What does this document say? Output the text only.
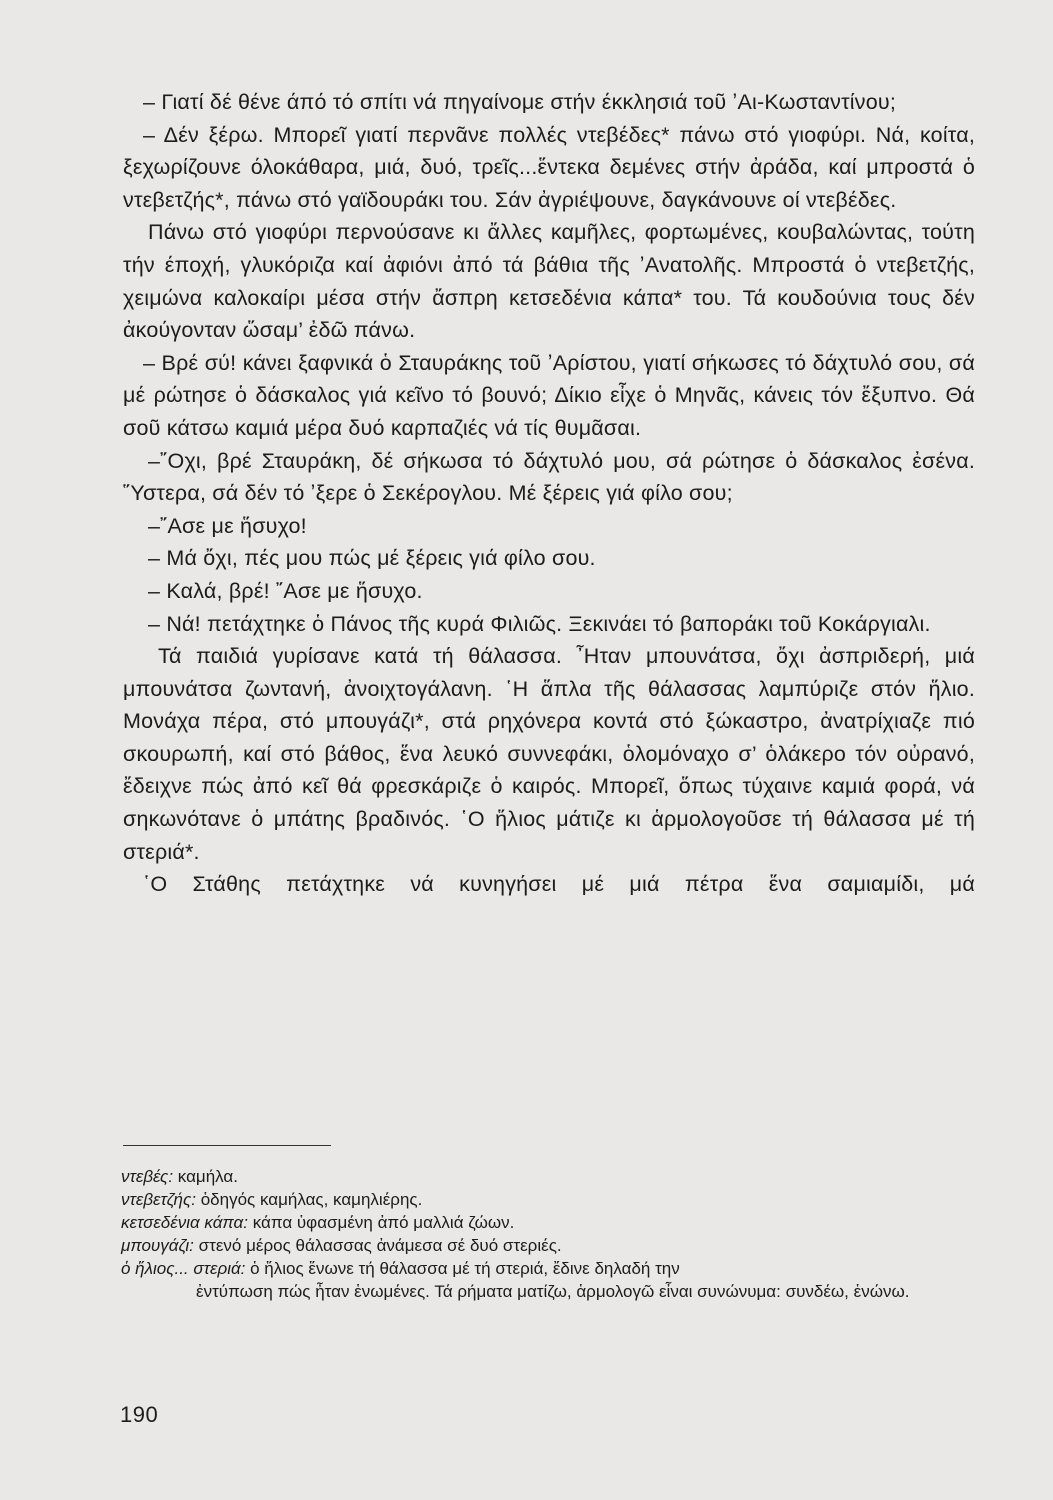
– Γιατί δέ θένε άπό τό σπίτι νά πηγαίνομε στήν έκκλησιά τοῦ ʼΑι-Κωσταντίνου;

– Δέν ξέρω. Μπορεῖ γιατί περνᾶνε πολλές ντεβέδες* πάνω στό γιοφύρι. Νά, κοίτα, ξεχωρίζουνε όλοκάθαρα, μιά, δυό, τρεῖς...ἕντεκα δεμένες στήν ἀράδα, καί μπροστά ὁ ντεβετζής*, πάνω στό γαϊδουράκι του. Σάν ἀγριέψουνε, δαγκάνουνε οί ντεβέδες.

Πάνω στό γιοφύρι περνούσανε κι ἄλλες καμῆλες, φορτωμένες, κουβαλώντας, τούτη τήν έποχή, γλυκόριζα καί ἀφιόνι ἀπό τά βάθια τῆς ʼΑνατολῆς. Μπροστά ὁ ντεβετζής, χειμώνα καλοκαίρι μέσα στήν ἄσπρη κετσεδένια κάπα* του. Τά κουδούνια τους δέν ἀκούγονταν ὥσαμ’ ἐδῶ πάνω.

– Βρέ σύ! κάνει ξαφνικά ὁ Σταυράκης τοῦ ʼΑρίστου, γιατί σήκωσες τό δάχτυλό σου, σά μέ ρώτησε ὁ δάσκαλος γιά κεῖνο τό βουνό; Δίκιο εἶχε ὁ Μηνᾶς, κάνεις τόν ἔξυπνο. Θά σοῦ κάτσω καμιά μέρα δυό καρπαζιές νά τίς θυμᾶσαι.

–῎Οχι, βρέ Σταυράκη, δέ σήκωσα τό δάχτυλό μου, σά ρώτησε ὁ δάσκαλος ἐσένα. ῞Υστερα, σά δέν τό ʼξερε ὁ Σεκέρογλου. Μέ ξέρεις γιά φίλο σου;

–῎Ασε με ἥσυχο!

– Μά ὄχι, πές μου πώς μέ ξέρεις γιά φίλο σου.

– Καλά, βρέ! ῎Ασε με ἥσυχο.

– Νά! πετάχτηκε ὁ Πάνος τῆς κυρά Φιλιῶς. Ξεκινάει τό βαποράκι τοῦ Κοκάργιαλι.

Τά παιδιά γυρίσανε κατά τή θάλασσα. ῏Ηταν μπουνάτσα, ὄχι ἀσπριδερή, μιά μπουνάτσα ζωντανή, ἀνοιχτογάλανη. ῾Η ἅπλα τῆς θάλασσας λαμπύριζε στόν ἥλιο. Μονάχα πέρα, στό μπουγάζι*, στά ρηχόνερα κοντά στό ξώκαστρο, ἀνατρίχιαζε πιό σκουρωπή, καί στό βάθος, ἕνα λευκό συννεφάκι, ὁλομόναχο σ’ ὁλάκερο τόν οὐρανό, ἔδειχνε πώς ἀπό κεῖ θά φρεσκάριζε ὁ καιρός. Μπορεῖ, ὅπως τύχαινε καμιά φορά, νά σηκωνότανε ὁ μπάτης βραδινός. ῾Ο ἥλιος μάτιζε κι ἁρμολογοῦσε τή θάλασσα μέ τή στεριά*.

῾Ο Στάθης πετάχτηκε νά κυνηγήσει μέ μιά πέτρα ἕνα σαμιαμίδι, μά

ντεβές: καμήλα.

ντεβετζής: ὁδηγός καμήλας, καμηλιέρης.

κετσεδένια κάπα: κάπα ὑφασμένη ἀπό μαλλιά ζώων.

μπουγάζι: στενό μέρος θάλασσας ἀνάμεσα σέ δυό στεριές.

ὁ ἥλιος... στεριά: ὁ ἥλιος ἕνωνε τή θάλασσα μέ τή στεριά, ἔδινε δηλαδή την

ἐντύπωση πώς ἦταν ἑνωμένες. Τά ρήματα ματίζω, ἁρμολογῶ εἶναι συνώνυμα: συνδέω, ἑνώνω.

190
